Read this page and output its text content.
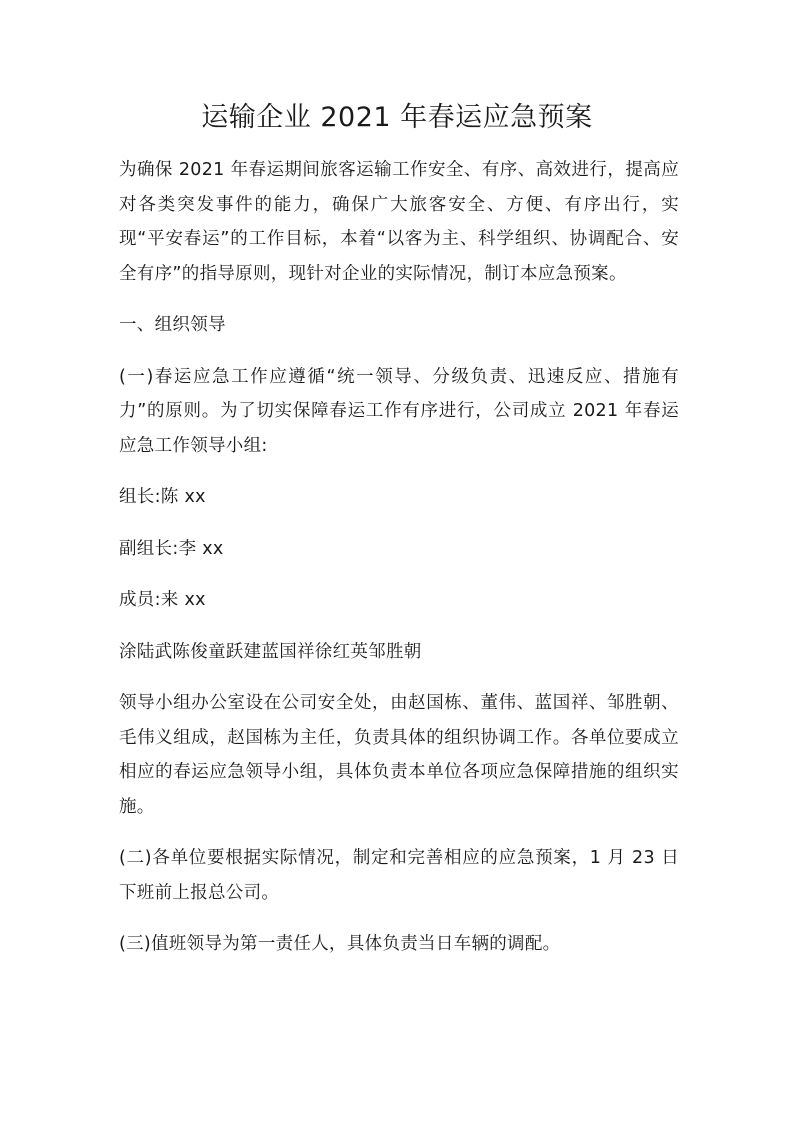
运输企业 2021 年春运应急预案

为确保 2021 年春运期间旅客运输工作安全、有序、高效进行，提高应对各类突发事件的能力，确保广大旅客安全、方便、有序出行，实现“平安春运”的工作目标，本着“以客为主、科学组织、协调配合、安全有序”的指导原则，现针对企业的实际情况，制订本应急预案。

一、组织领导

(一)春运应急工作应遵循“统一领导、分级负责、迅速反应、措施有力”的原则。为了切实保障春运工作有序进行，公司成立 2021 年春运应急工作领导小组:

组长:陈 xx

副组长:李 xx

成员:来 xx

涂陆武陈俊童跃建蓝国祥徐红英邹胜朝

领导小组办公室设在公司安全处，由赵国栋、董伟、蓝国祥、邹胜朝、毛伟义组成，赵国栋为主任，负责具体的组织协调工作。各单位要成立相应的春运应急领导小组，具体负责本单位各项应急保障措施的组织实施。

(二)各单位要根据实际情况，制定和完善相应的应急预案，1 月 23 日下班前上报总公司。

(三)值班领导为第一责任人，具体负责当日车辆的调配。
